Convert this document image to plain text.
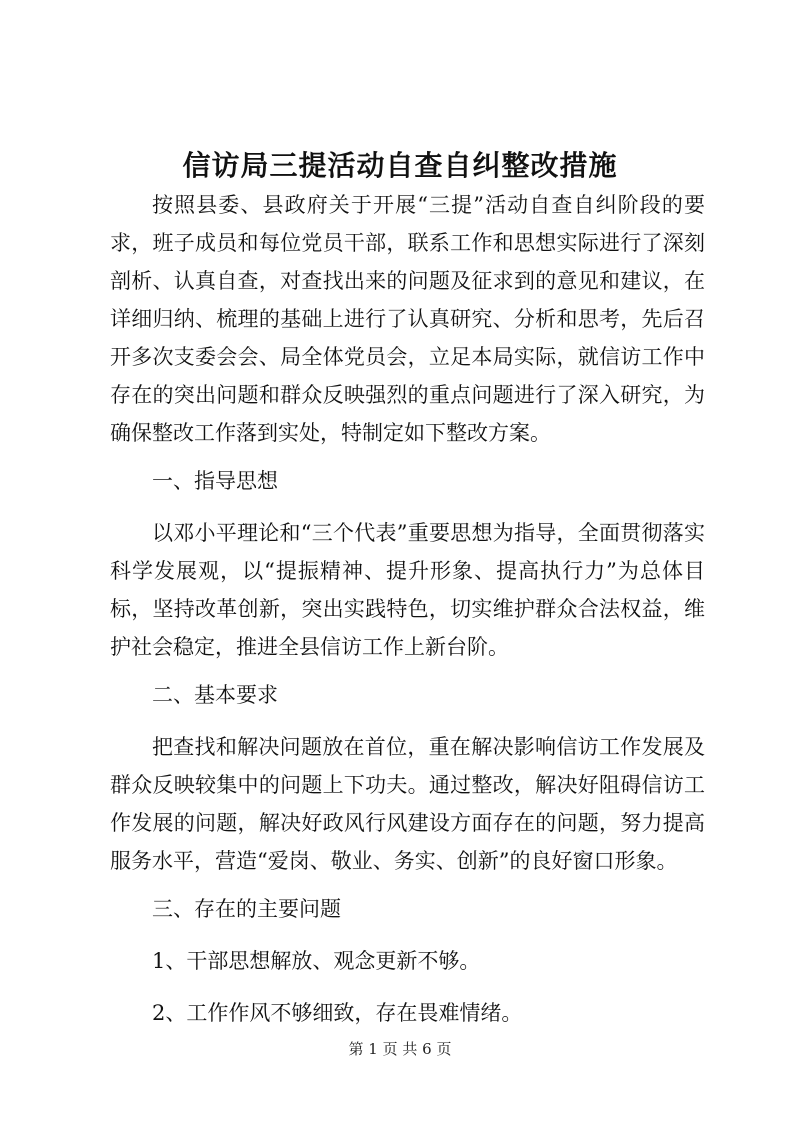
信访局三提活动自查自纠整改措施

按照县委、县政府关于开展“三提”活动自查自纠阶段的要求，班子成员和每位党员干部，联系工作和思想实际进行了深刻剖析、认真自查，对查找出来的问题及征求到的意见和建议，在详细归纳、梳理的基础上进行了认真研究、分析和思考，先后召开多次支委会会、局全体党员会，立足本局实际，就信访工作中存在的突出问题和群众反映强烈的重点问题进行了深入研究，为确保整改工作落到实处，特制定如下整改方案。

一、指导思想

以邓小平理论和“三个代表”重要思想为指导，全面贯彻落实科学发展观，以“提振精神、提升形象、提高执行力”为总体目标，坚持改革创新，突出实践特色，切实维护群众合法权益，维护社会稳定，推进全县信访工作上新台阶。

二、基本要求

把查找和解决问题放在首位，重在解决影响信访工作发展及群众反映较集中的问题上下功夫。通过整改，解决好阻碍信访工作发展的问题，解决好政风行风建设方面存在的问题，努力提高服务水平，营造“爱岗、敬业、务实、创新”的良好窗口形象。

三、存在的主要问题

1、干部思想解放、观念更新不够。

2、工作作风不够细致，存在畏难情绪。

第 1 页 共 6 页
